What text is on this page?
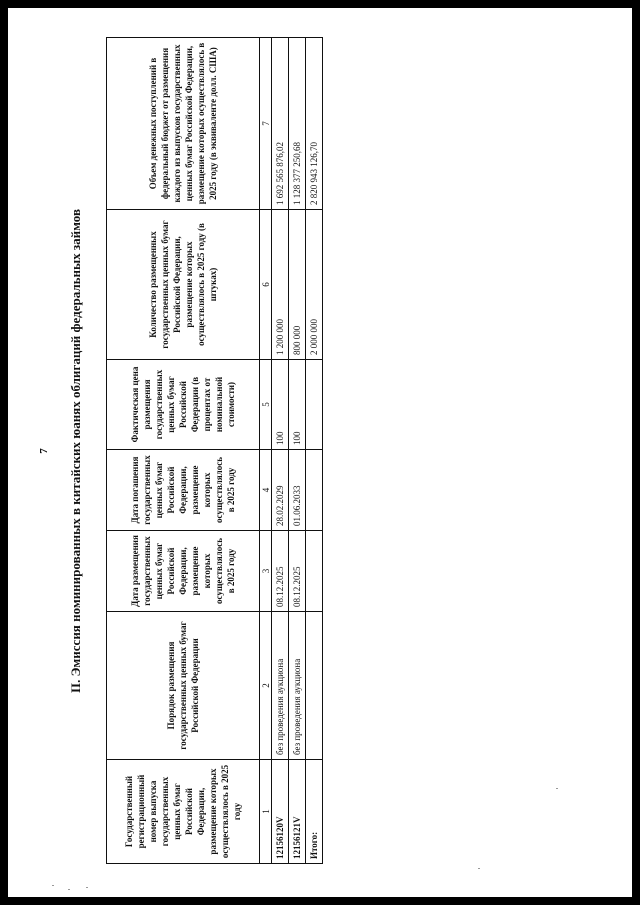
7 II. Эмиссия номинированных в китайских юанях облигаций федеральных займов
Государственный регистрационный номер выпуска государственных ценных бумаг Российской Федерации, размещение которых осуществлялось в 2025 году	Порядок размещения государственных ценных бумаг Российской Федерации	Дата размещения государственных ценных бумаг Российской Федерации, размещение которых осуществлялось в 2025 году	Дата погашения государственных ценных бумаг Российской Федерации, размещение которых осуществлялось в 2025 году	Фактическая цена размещения государственных ценных бумаг Российской Федерации (в процентах от номинальной стоимости)	Количество размещенных государственных ценных бумаг Российской Федерации, размещение которых осуществлялось в 2025 году (в штуках)	Объем денежных поступлений в федеральный бюджет от размещения каждого из выпусков государственных ценных бумаг Российской Федерации, размещение которых осуществлялось в 2025 году (в эквиваленте долл. США)
1	2	3	4	5	6	7
12156120V	без проведения аукциона	08.12.2025	28.02.2029	100	1 200 000	1 692 565 876,02
12156121V	без проведения аукциона	08.12.2025	01.06.2033	100	800 000	1 128 377 250,68
Итого:					2 000 000	2 820 943 126,70
